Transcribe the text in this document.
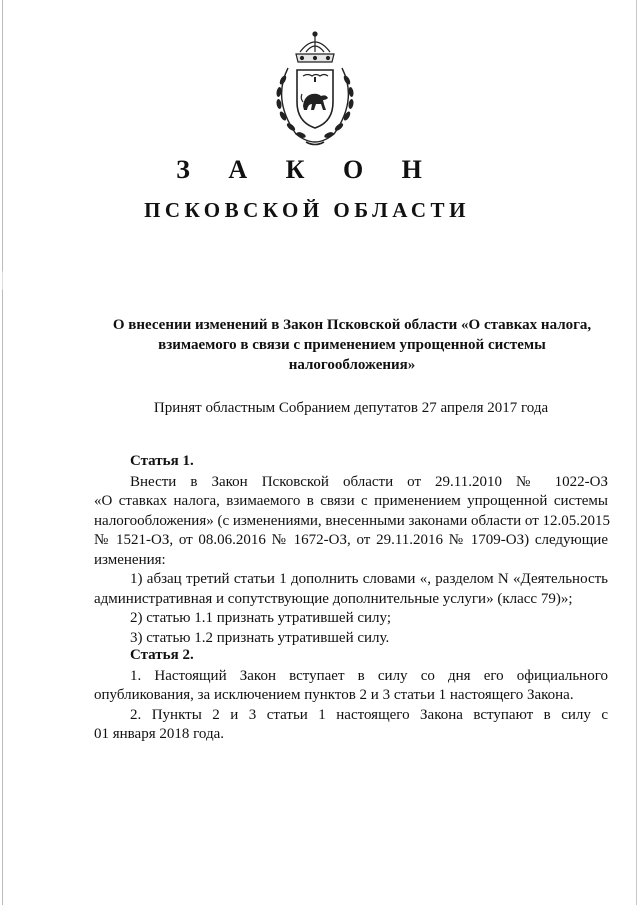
З А К О Н
ПСКОВСКОЙ ОБЛАСТИ
О внесении изменений в Закон Псковской области «О ставках налога,
взимаемого в связи с применением упрощенной системы
налогообложения»
Принят областным Собранием депутатов 27 апреля 2017 года
Статья 1.
Внести в Закон Псковской области от 29.11.2010 № 1022-ОЗ
«О ставках налога, взимаемого в связи с применением упрощенной системы
налогообложения» (с изменениями, внесенными законами области от 12.05.2015
№ 1521-ОЗ, от 08.06.2016 № 1672-ОЗ, от 29.11.2016 № 1709-ОЗ) следующие
изменения:
1) абзац третий статьи 1 дополнить словами «, разделом N «Деятельность
административная и сопутствующие дополнительные услуги» (класс 79)»;
2) статью 1.1 признать утратившей силу;
3) статью 1.2 признать утратившей силу.
Статья 2.
1. Настоящий Закон вступает в силу со дня его официального
опубликования, за исключением пунктов 2 и 3 статьи 1 настоящего Закона.
2. Пункты 2 и 3 статьи 1 настоящего Закона вступают в силу с
01 января 2018 года.
